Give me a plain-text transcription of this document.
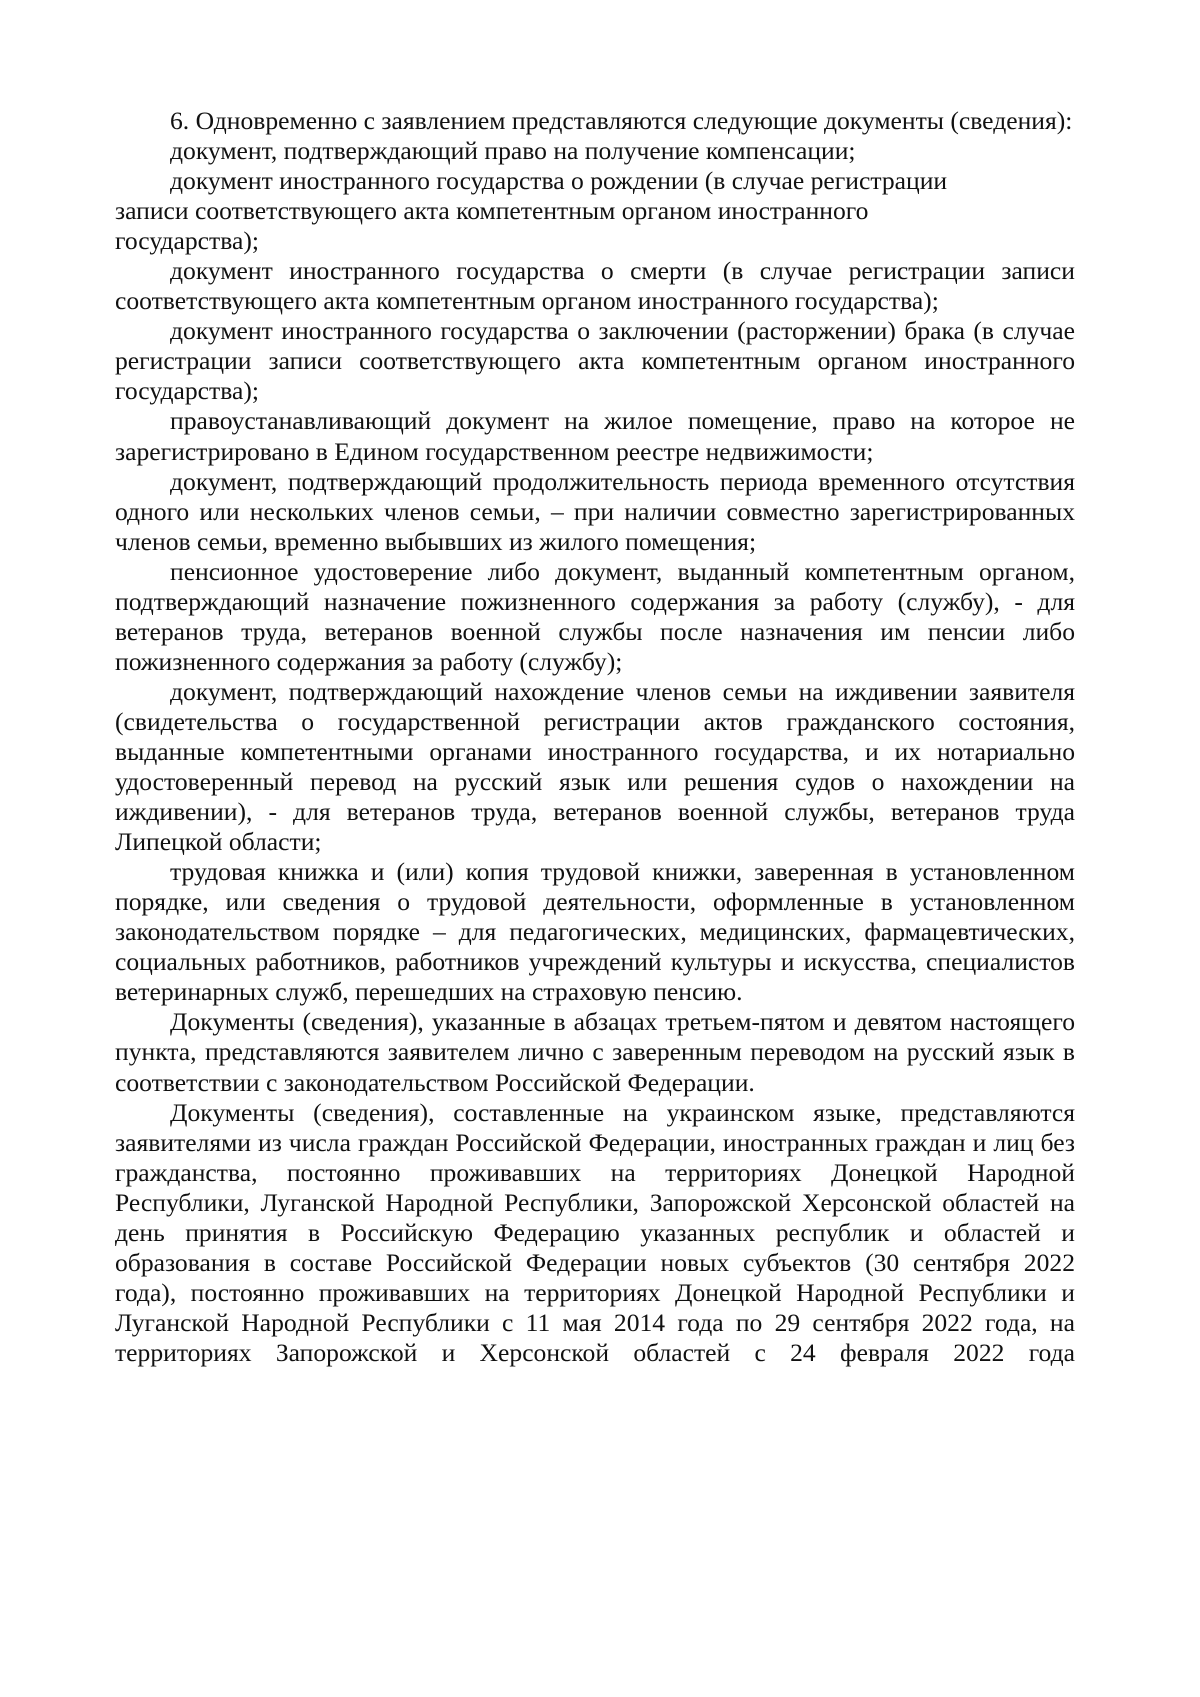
6. Одновременно с заявлением представляются следующие документы (сведения):

документ, подтверждающий право на получение компенсации;

документ иностранного государства о рождении (в случае регистрации
записи соответствующего акта компетентным органом иностранного
государства);

документ иностранного государства о смерти (в случае регистрации записи соответствующего акта компетентным органом иностранного государства);

документ иностранного государства о заключении (расторжении) брака (в случае регистрации записи соответствующего акта компетентным органом иностранного государства);

правоустанавливающий документ на жилое помещение, право на которое не зарегистрировано в Едином государственном реестре недвижимости;

документ, подтверждающий продолжительность периода временного отсутствия одного или нескольких членов семьи, – при наличии совместно зарегистрированных членов семьи, временно выбывших из жилого помещения;

пенсионное удостоверение либо документ, выданный компетентным органом, подтверждающий назначение пожизненного содержания за работу (службу), - для ветеранов труда, ветеранов военной службы после назначения им пенсии либо пожизненного содержания за работу (службу);

документ, подтверждающий нахождение членов семьи на иждивении заявителя (свидетельства о государственной регистрации актов гражданского состояния, выданные компетентными органами иностранного государства, и их нотариально удостоверенный перевод на русский язык или решения судов о нахождении на иждивении), - для ветеранов труда, ветеранов военной службы, ветеранов труда Липецкой области;

трудовая книжка и (или) копия трудовой книжки, заверенная в установленном порядке, или сведения о трудовой деятельности, оформленные в установленном законодательством порядке – для педагогических, медицинских, фармацевтических, социальных работников, работников учреждений культуры и искусства, специалистов ветеринарных служб, перешедших на страховую пенсию.

Документы (сведения), указанные в абзацах третьем-пятом и девятом настоящего пункта, представляются заявителем лично с заверенным переводом на русский язык в соответствии с законодательством Российской Федерации.

Документы (сведения), составленные на украинском языке, представляются заявителями из числа граждан Российской Федерации, иностранных граждан и лиц без гражданства, постоянно проживавших на территориях Донецкой Народной Республики, Луганской Народной Республики, Запорожской Херсонской областей на день принятия в Российскую Федерацию указанных республик и областей и образования в составе Российской Федерации новых субъектов (30 сентября 2022 года), постоянно проживавших на территориях Донецкой Народной Республики и Луганской Народной Республики с 11 мая 2014 года по 29 сентября 2022 года, на территориях Запорожской и Херсонской областей с 24 февраля 2022 года
